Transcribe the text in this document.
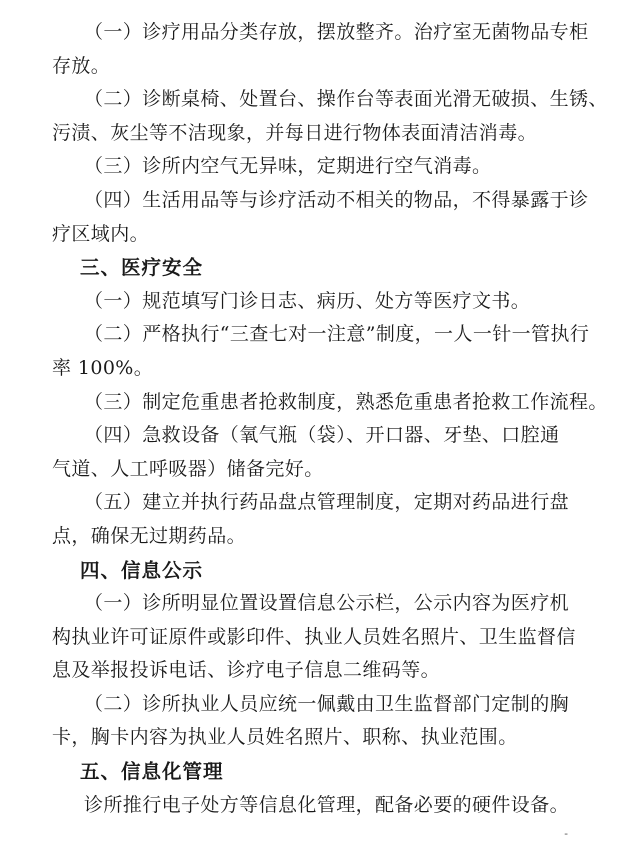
（一）诊疗用品分类存放，摆放整齐。治疗室无菌物品专柜
存放。
（二）诊断桌椅、处置台、操作台等表面光滑无破损、生锈、
污渍、灰尘等不洁现象，并每日进行物体表面清洁消毒。
（三）诊所内空气无异味，定期进行空气消毒。
（四）生活用品等与诊疗活动不相关的物品，不得暴露于诊
疗区域内。
三、医疗安全
（一）规范填写门诊日志、病历、处方等医疗文书。
（二）严格执行“三查七对一注意”制度，一人一针一管执行
率 100%。
（三）制定危重患者抢救制度，熟悉危重患者抢救工作流程。
（四）急救设备（氧气瓶（袋）、开口器、牙垫、口腔通
气道、人工呼吸器）储备完好。
（五）建立并执行药品盘点管理制度，定期对药品进行盘
点，确保无过期药品。
四、信息公示
（一）诊所明显位置设置信息公示栏，公示内容为医疗机
构执业许可证原件或影印件、执业人员姓名照片、卫生监督信
息及举报投诉电话、诊疗电子信息二维码等。
（二）诊所执业人员应统一佩戴由卫生监督部门定制的胸
卡，胸卡内容为执业人员姓名照片、职称、执业范围。
五、信息化管理
诊所推行电子处方等信息化管理，配备必要的硬件设备。
-
